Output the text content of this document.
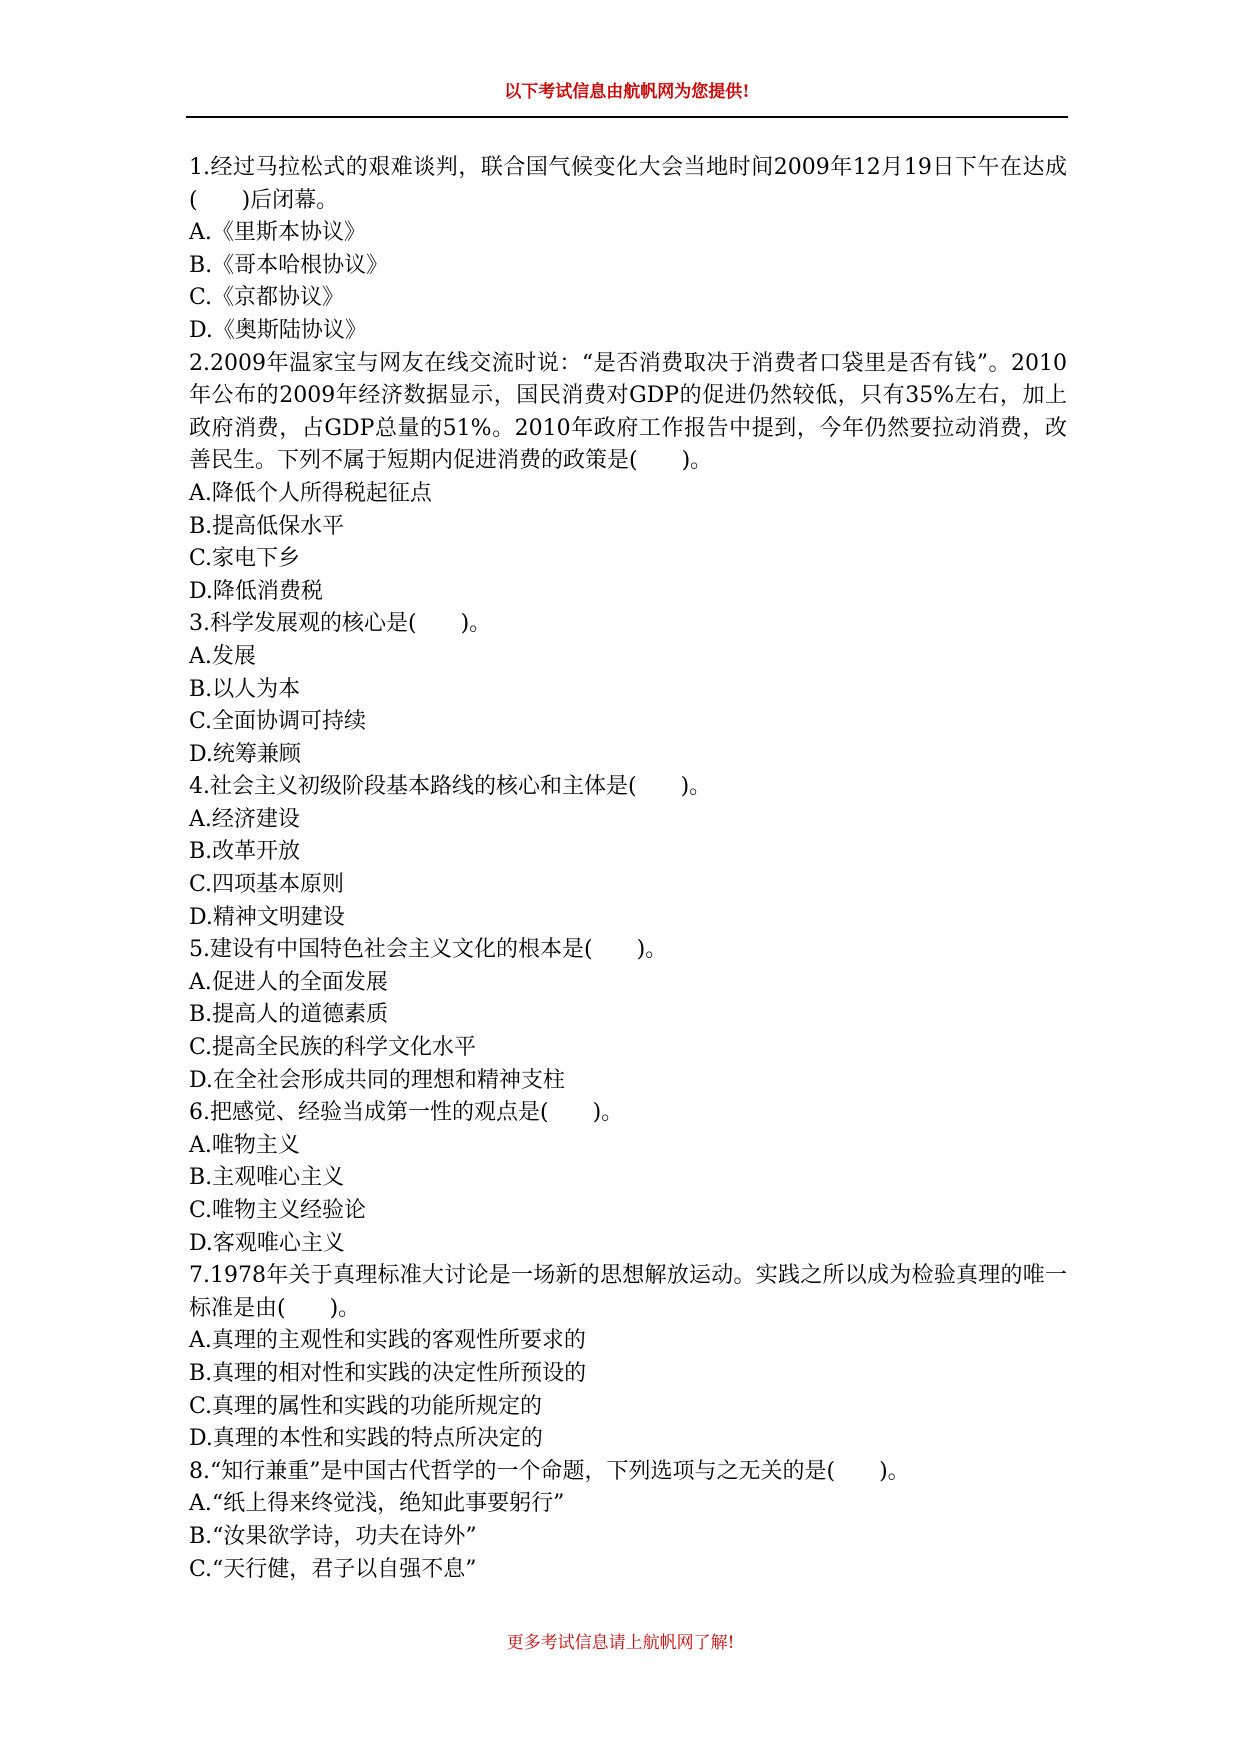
以下考试信息由航帆网为您提供!

1.经过马拉松式的艰难谈判，联合国气候变化大会当地时间2009年12月19日下午在达成(　　)后闭幕。

A.《里斯本协议》

B.《哥本哈根协议》

C.《京都协议》

D.《奥斯陆协议》

2.2009年温家宝与网友在线交流时说：“是否消费取决于消费者口袋里是否有钱”。2010年公布的2009年经济数据显示，国民消费对GDP的促进仍然较低，只有35%左右，加上政府消费，占GDP总量的51%。2010年政府工作报告中提到，今年仍然要拉动消费，改善民生。下列不属于短期内促进消费的政策是(　　)。

A.降低个人所得税起征点

B.提高低保水平

C.家电下乡

D.降低消费税

3.科学发展观的核心是(　　)。

A.发展

B.以人为本

C.全面协调可持续

D.统筹兼顾

4.社会主义初级阶段基本路线的核心和主体是(　　)。

A.经济建设

B.改革开放

C.四项基本原则

D.精神文明建设

5.建设有中国特色社会主义文化的根本是(　　)。

A.促进人的全面发展

B.提高人的道德素质

C.提高全民族的科学文化水平

D.在全社会形成共同的理想和精神支柱

6.把感觉、经验当成第一性的观点是(　　)。

A.唯物主义

B.主观唯心主义

C.唯物主义经验论

D.客观唯心主义

7.1978年关于真理标准大讨论是一场新的思想解放运动。实践之所以成为检验真理的唯一标准是由(　　)。

A.真理的主观性和实践的客观性所要求的

B.真理的相对性和实践的决定性所预设的

C.真理的属性和实践的功能所规定的

D.真理的本性和实践的特点所决定的

8.“知行兼重”是中国古代哲学的一个命题，下列选项与之无关的是(　　)。

A.“纸上得来终觉浅，绝知此事要躬行”

B.“汝果欲学诗，功夫在诗外”

C.“天行健，君子以自强不息”

更多考试信息请上航帆网了解!
